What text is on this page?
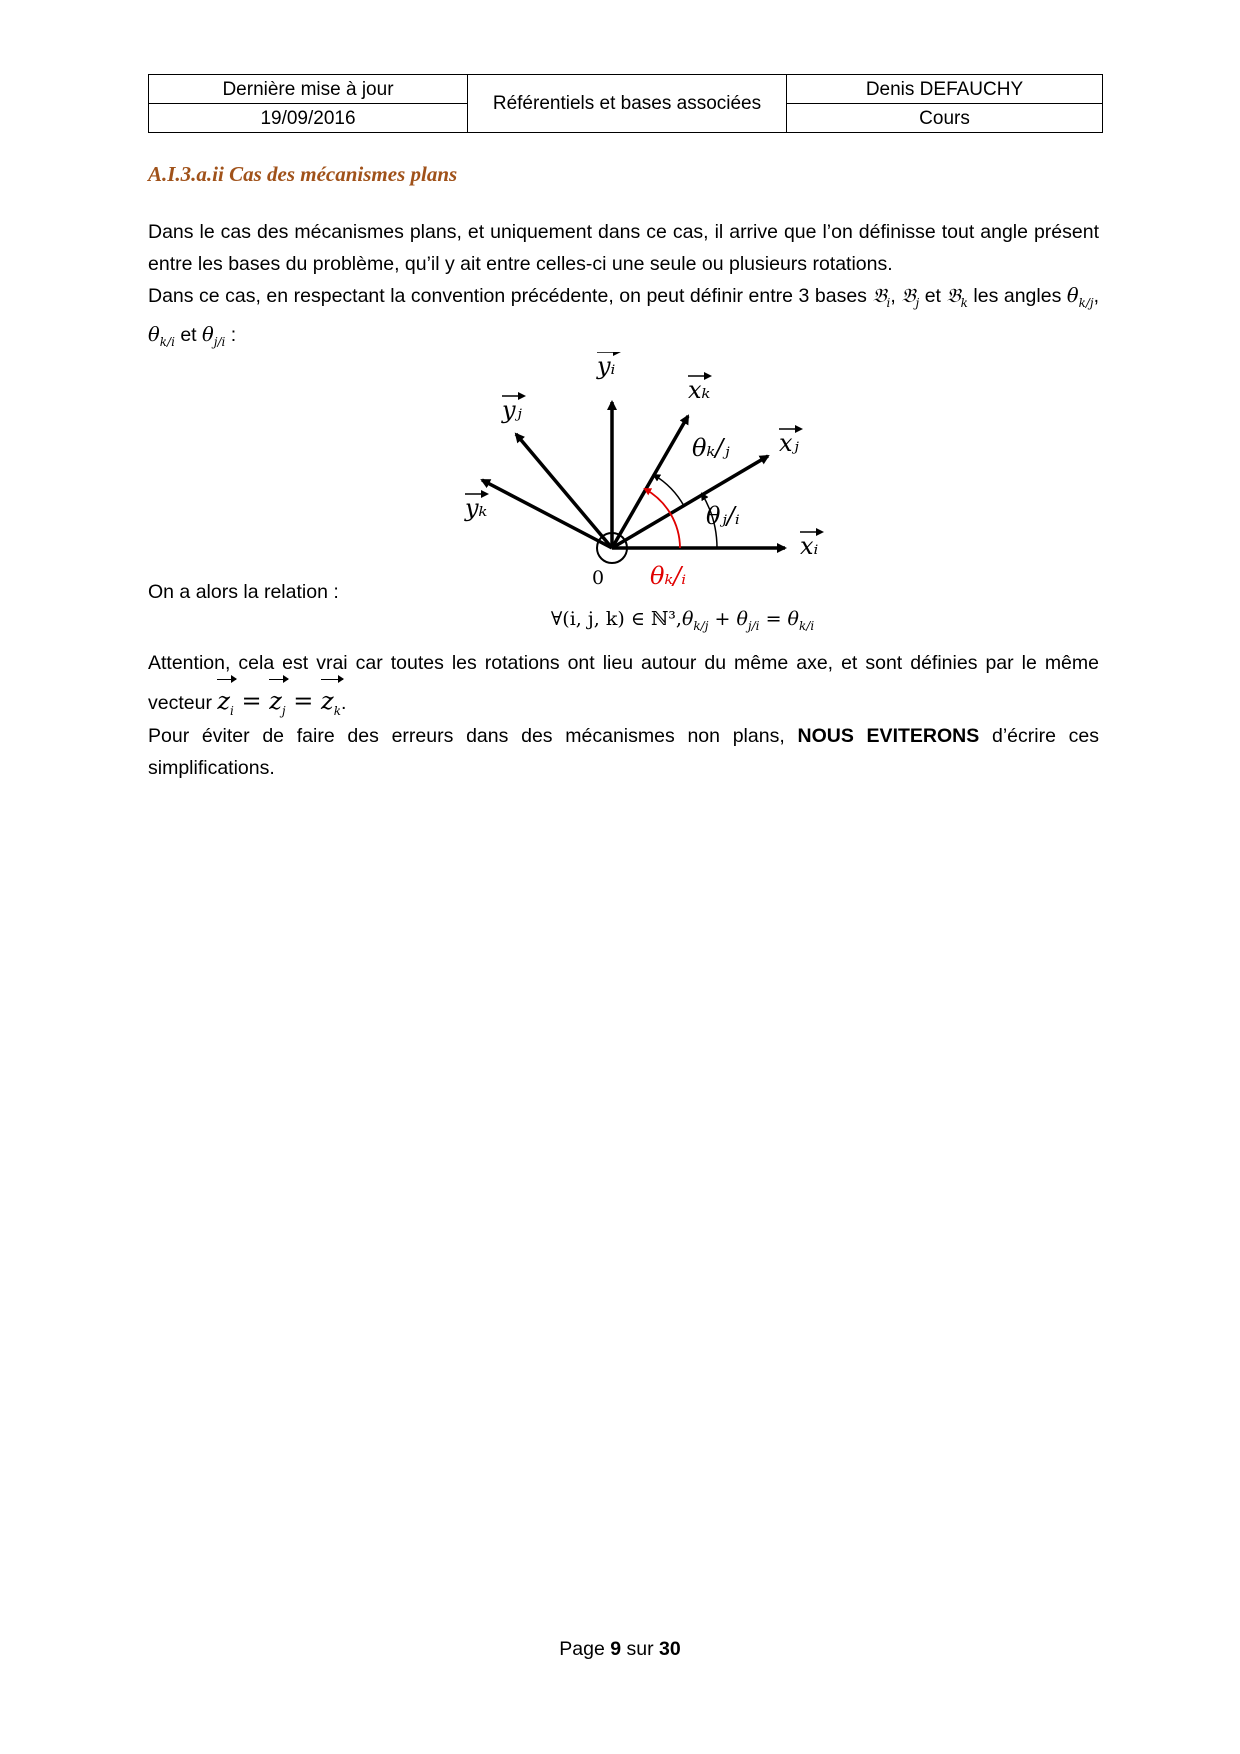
Dernière mise à jour	Référentiels et bases associées	Denis DEFAUCHY
19/09/2016		Cours
A.I.3.a.ii Cas des mécanismes plans

Dans le cas des mécanismes plans, et uniquement dans ce cas, il arrive que l’on définisse tout angle présent entre les bases du problème, qu’il y ait entre celles-ci une seule ou plusieurs rotations.

Dans ce cas, en respectant la convention précédente, on peut définir entre 3 bases 𝔅$_i$, 𝔅$_j$ et 𝔅$_k$ les angles $\theta_{k/j}$, $\theta_{k/i}$ et $\theta_{j/i}$ :

0
yᵢ
xₖ
yⱼ
xⱼ
yₖ
xᵢ
θₖ/ⱼ
θⱼ/ᵢ
θₖ/ᵢ

On a alors la relation :

∀(i, j, k) ∈ $ℕ^3,\theta_{k/j} + \theta_{j/i} = \theta_{k/i}$

Attention, cela est vrai car toutes les rotations ont lieu autour du même axe, et sont définies par le même vecteur $z_i = z_j = z_k$.

Pour éviter de faire des erreurs dans des mécanismes non plans, NOUS EVITERONS d’écrire ces simplifications.

Page 9 sur 30
